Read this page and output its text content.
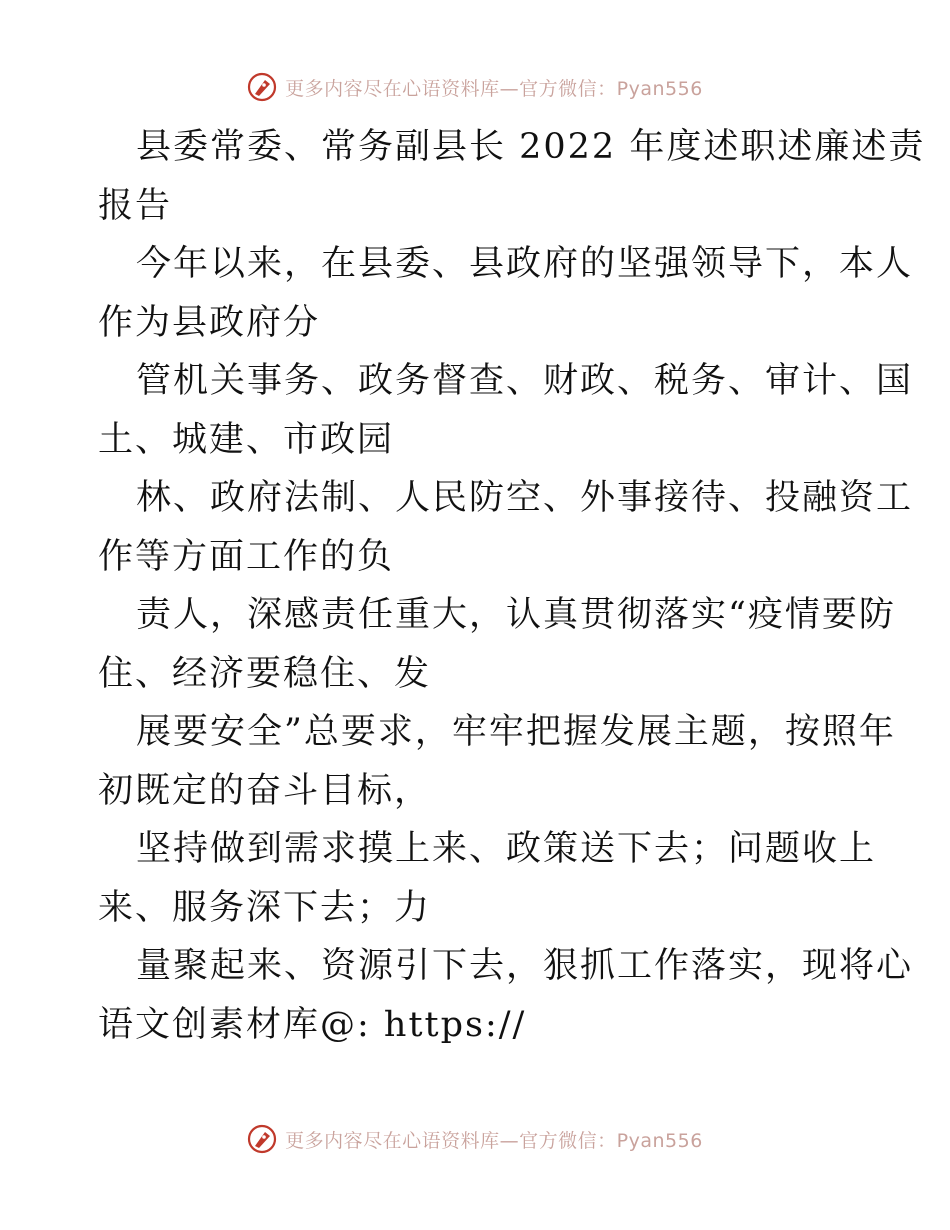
更多内容尽在心语资料库—官方微信：Pyan556
县委常委、常务副县长 2022 年度述职述廉述责
报告
今年以来，在县委、县政府的坚强领导下，本人
作为县政府分
管机关事务、政务督查、财政、税务、审计、国
土、城建、市政园
林、政府法制、人民防空、外事接待、投融资工
作等方面工作的负
责人，深感责任重大，认真贯彻落实“疫情要防
住、经济要稳住、发
展要安全”总要求，牢牢把握发展主题，按照年
初既定的奋斗目标，
坚持做到需求摸上来、政策送下去；问题收上
来、服务深下去；力
量聚起来、资源引下去，狠抓工作落实，现将心
语文创素材库@: https://
更多内容尽在心语资料库—官方微信：Pyan556
